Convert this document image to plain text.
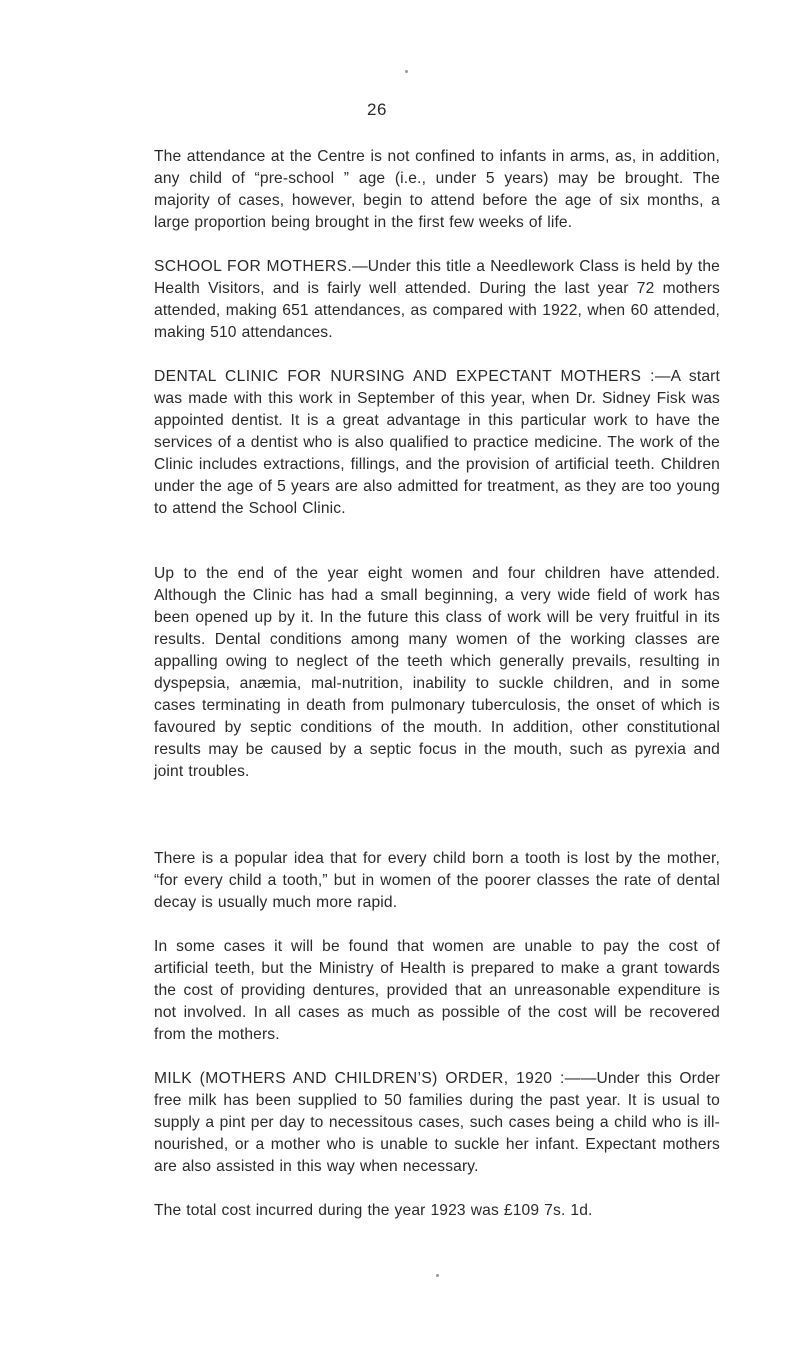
26

The attendance at the Centre is not confined to infants in arms, as, in addition, any child of “pre-school ” age (i.e., under 5 years) may be brought. The majority of cases, however, begin to attend before the age of six months, a large proportion being brought in the first few weeks of life.

SCHOOL FOR MOTHERS.—Under this title a Needlework Class is held by the Health Visitors, and is fairly well attended. During the last year 72 mothers attended, making 651 attendances, as compared with 1922, when 60 attended, making 510 attendances.

DENTAL CLINIC FOR NURSING AND EXPECTANT MOTHERS :—A start was made with this work in September of this year, when Dr. Sidney Fisk was appointed dentist. It is a great advantage in this particular work to have the services of a dentist who is also qualified to practice medicine. The work of the Clinic includes extractions, fillings, and the provision of artificial teeth. Children under the age of 5 years are also admitted for treatment, as they are too young to attend the School Clinic.

Up to the end of the year eight women and four children have attended. Although the Clinic has had a small beginning, a very wide field of work has been opened up by it. In the future this class of work will be very fruitful in its results. Dental conditions among many women of the working classes are appalling owing to neglect of the teeth which generally prevails, resulting in dyspepsia, anæmia, mal-nutrition, inability to suckle children, and in some cases terminating in death from pulmonary tuberculosis, the onset of which is favoured by septic conditions of the mouth. In addition, other constitutional results may be caused by a septic focus in the mouth, such as pyrexia and joint troubles.

There is a popular idea that for every child born a tooth is lost by the mother, “for every child a tooth,” but in women of the poorer classes the rate of dental decay is usually much more rapid.

In some cases it will be found that women are unable to pay the cost of artificial teeth, but the Ministry of Health is prepared to make a grant towards the cost of providing dentures, provided that an unreasonable expenditure is not involved. In all cases as much as possible of the cost will be recovered from the mothers.

MILK (MOTHERS AND CHILDREN’S) ORDER, 1920 :——Under this Order free milk has been supplied to 50 families during the past year. It is usual to supply a pint per day to necessitous cases, such cases being a child who is ill-nourished, or a mother who is unable to suckle her infant. Expectant mothers are also assisted in this way when necessary.

The total cost incurred during the year 1923 was £109 7s. 1d.
